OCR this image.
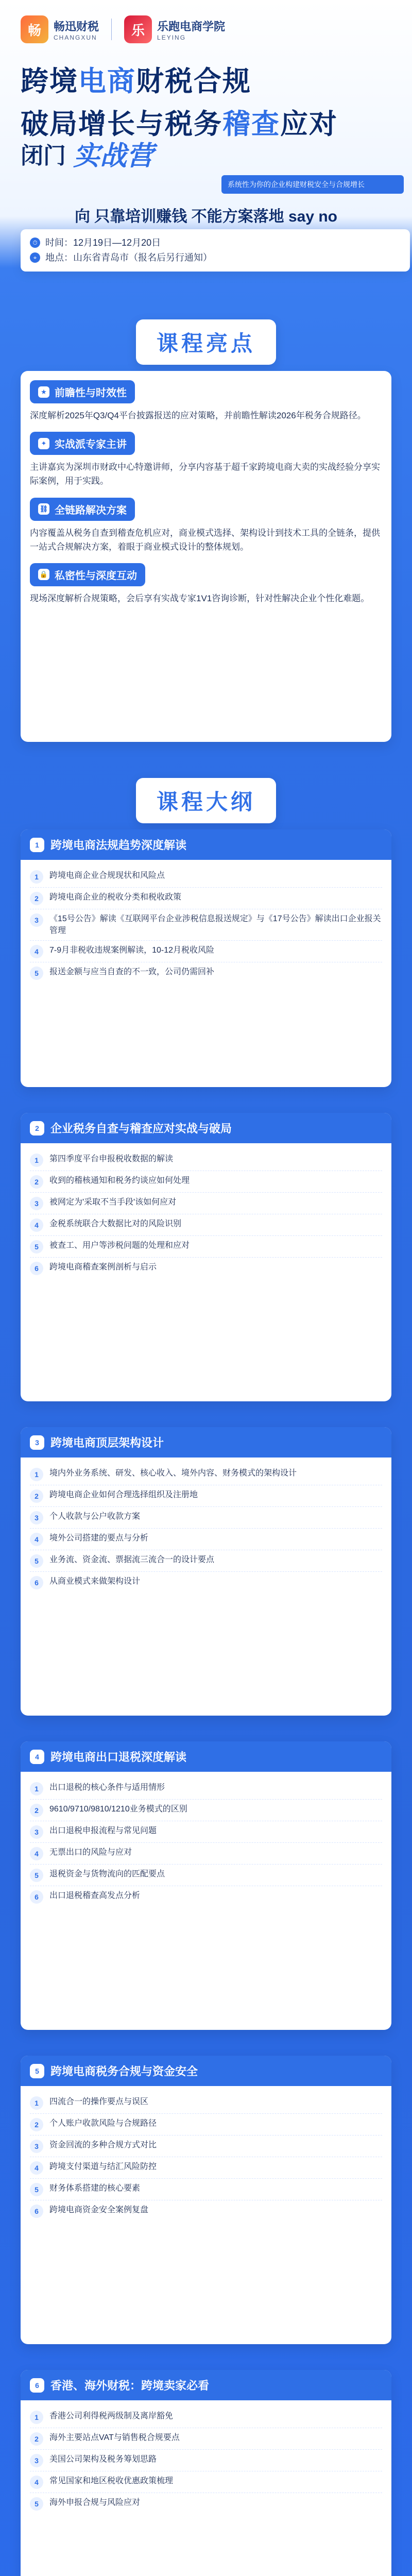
畅	畅迅财税
CHANGXUN	乐	乐跑电商学院
LEYING
跨境电商财税合规
破局增长与税务稽查应对
闭门 实战营
系统性为你的企业构建财税安全与合规增长
向 只靠培训赚钱 不能方案落地 say no
⏱ 时间：12月19日—12月20日
⌖ 地点：山东省青岛市（报名后另行通知）
课程亮点
★ 前瞻性与时效性
深度解析2025年Q3/Q4平台披露报送的应对策略，并前瞻性解读2026年税务合规路径。
✦ 实战派专家主讲
主讲嘉宾为深圳市财政中心特邀讲师，分享内容基于超千家跨境电商大卖的实战经验分享实际案例，用于实践。
⛓ 全链路解决方案
内容覆盖从税务自查到稽查危机应对，商业模式选择、架构设计到技术工具的全链条，提供一站式合规解决方案，着眼于商业模式设计的整体规划。
🔒 私密性与深度互动
现场深度解析合规策略，会后享有实战专家1V1咨询诊断，针对性解决企业个性化难题。
课程大纲
1	跨境电商法规趋势深度解读
1	跨境电商企业合规现状和风险点
2	跨境电商企业的税收分类和税收政策
3	《15号公告》解读《互联网平台企业涉税信息报送规定》与《17号公告》解读出口企业报关管理
4	7-9月非税收违规案例解读，10-12月税收风险
5	报送金额与应当自查的不一致，公司仍需回补
2	企业税务自查与稽查应对实战与破局
1	第四季度平台申报税收数据的解读
2	收到的稽核通知和税务约谈应如何处理
3	被网定为'采取不当手段'该如何应对
4	金税系统联合大数据比对的风险识别
5	被查工、用户等涉税问题的处理和应对
6	跨境电商稽查案例剖析与启示
3	跨境电商顶层架构设计
1	境内外业务系统、研发、核心收入、境外内容、财务模式的架构设计
2	跨境电商企业如何合理选择组织及注册地
3	个人收款与公户收款方案
4	境外公司搭建的要点与分析
5	业务流、资金流、票据流三流合一的设计要点
6	从商业模式来做架构设计
4	跨境电商出口退税深度解读
1	出口退税的核心条件与适用情形
2	9610/9710/9810/1210业务模式的区别
3	出口退税申报流程与常见问题
4	无票出口的风险与应对
5	退税资金与货物流向的匹配要点
6	出口退税稽查高发点分析
5	跨境电商税务合规与资金安全
1	四流合一的操作要点与误区
2	个人账户收款风险与合规路径
3	资金回流的多种合规方式对比
4	跨境支付渠道与结汇风险防控
5	财务体系搭建的核心要素
6	跨境电商资金安全案例复盘
6	香港、海外财税：跨境卖家必看
1	香港公司利得税两级制及离岸豁免
2	海外主要站点VAT与销售税合规要点
3	美国公司架构及税务筹划思路
4	常见国家和地区税收优惠政策梳理
5	海外申报合规与风险应对
